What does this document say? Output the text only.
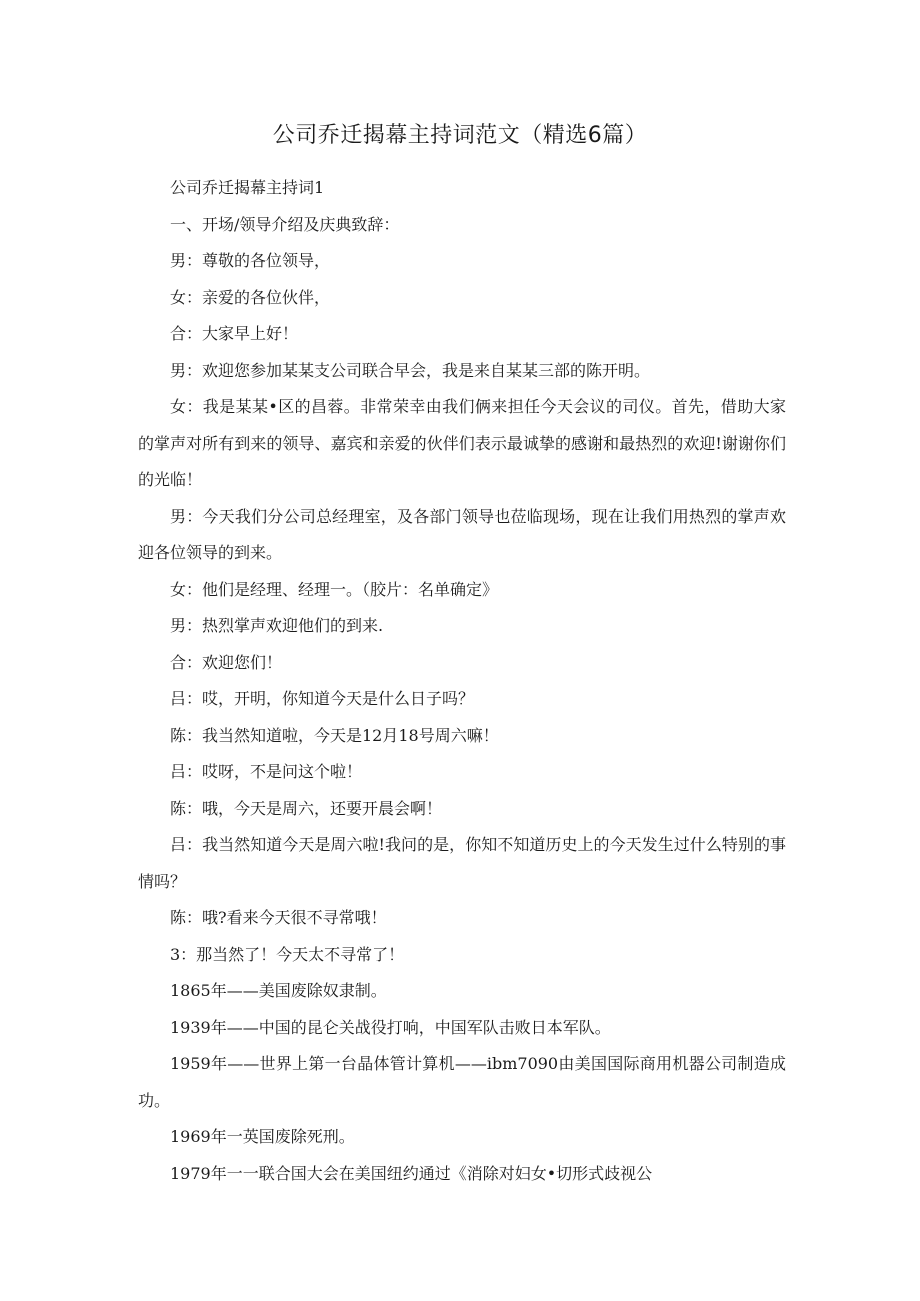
公司乔迁揭幕主持词范文（精选6篇）

公司乔迁揭幕主持词1

一、开场/领导介绍及庆典致辞：

男：尊敬的各位领导，

女：亲爱的各位伙伴，

合：大家早上好！

男：欢迎您参加某某支公司联合早会，我是来自某某三部的陈开明。

女：我是某某•区的昌蓉。非常荣幸由我们俩来担任今天会议的司仪。首先，借助大家的掌声对所有到来的领导、嘉宾和亲爱的伙伴们表示最诚挚的感谢和最热烈的欢迎!谢谢你们的光临！

男：今天我们分公司总经理室，及各部门领导也莅临现场，现在让我们用热烈的掌声欢迎各位领导的到来。

女：他们是经理、经理一。（胶片：名单确定》

男：热烈掌声欢迎他们的到来.

合：欢迎您们！

吕：哎，开明，你知道今天是什么日子吗？

陈：我当然知道啦，今天是12月18号周六嘛！

吕：哎呀，不是问这个啦！

陈：哦，今天是周六，还要开晨会啊！

吕：我当然知道今天是周六啦!我问的是，你知不知道历史上的今天发生过什么特别的事情吗？

陈：哦?看来今天很不寻常哦！

3：那当然了！今天太不寻常了！

1865年——美国废除奴隶制。

1939年——中国的昆仑关战役打响，中国军队击败日本军队。

1959年——世界上第一台晶体管计算机——ibm7090由美国国际商用机器公司制造成功。

1969年一英国废除死刑。

1979年一一联合国大会在美国纽约通过《消除对妇女•切形式歧视公
